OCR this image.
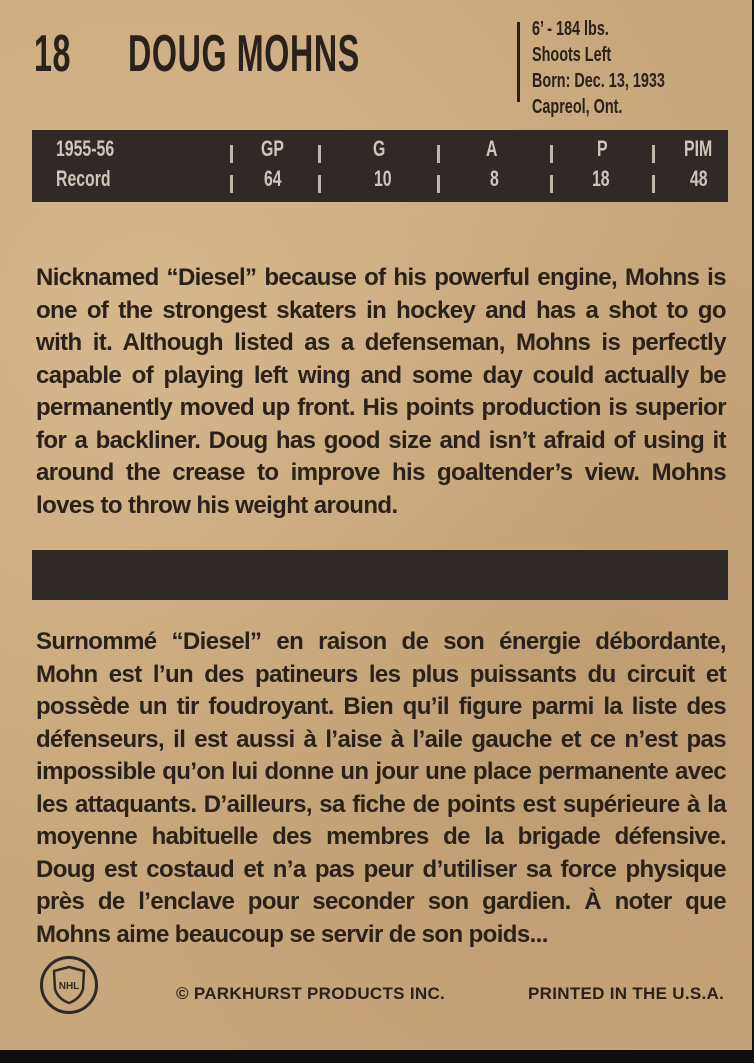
18	DOUG MOHNS	6’ - 184 lbs.
Shoots Left
Born: Dec. 13, 1933
Capreol, Ont.
1955-56	GP	G	A	P	PIM
Record	64	10	8	18	48
Nicknamed “Diesel” because of his powerful engine, Mohns is one of the strongest skaters in hockey and has a shot to go with it. Although listed as a defenseman, Mohns is perfectly capable of playing left wing and some day could actually be permanently moved up front. His points production is superior for a backliner. Doug has good size and isn’t afraid of using it around the crease to improve his goaltender’s view. Mohns loves to throw his weight around.
Surnommé “Diesel” en raison de son énergie débordante, Mohn est l’un des patineurs les plus puissants du circuit et possède un tir foudroyant. Bien qu’il figure parmi la liste des défenseurs, il est aussi à l’aise à l’aile gauche et ce n’est pas impossible qu’on lui donne un jour une place permanente avec les attaquants. D’ailleurs, sa fiche de points est supérieure à la moyenne habituelle des membres de la brigade défensive. Doug est costaud et n’a pas peur d’utiliser sa force physique près de l’enclave pour seconder son gardien. À noter que Mohns aime beaucoup se servir de son poids...
NHL	© PARKHURST PRODUCTS INC.	PRINTED IN THE U.S.A.
